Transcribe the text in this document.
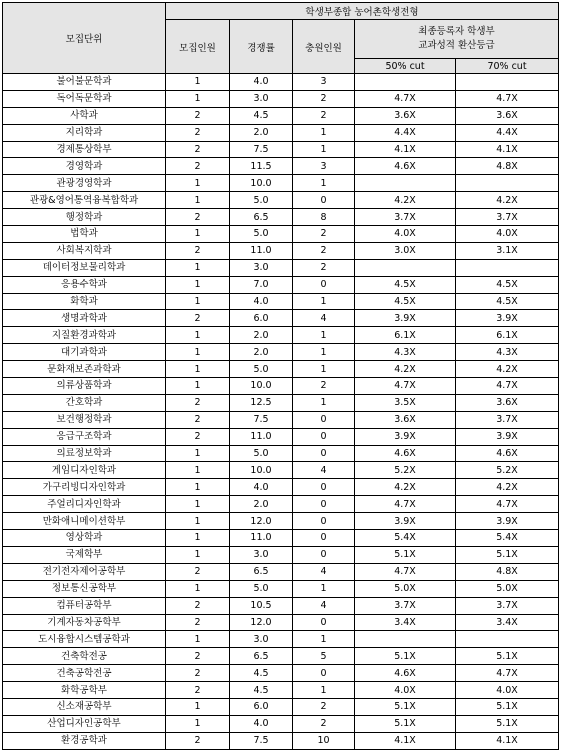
모집단위	학생부종합 농어촌학생전형				
	모집인원	경쟁률	충원인원	최종등록자 학생부
교과성적 환산등급	

				50% cut	70% cut
불어불문학과	1	4.0	3		
독어독문학과	1	3.0	2	4.7X	4.7X
사학과	2	4.5	2	3.6X	3.6X
지리학과	2	2.0	1	4.4X	4.4X
경제통상학부	2	7.5	1	4.1X	4.1X
경영학과	2	11.5	3	4.6X	4.8X
관광경영학과	1	10.0	1		
관광&영어통역융복합학과	1	5.0	0	4.2X	4.2X
행정학과	2	6.5	8	3.7X	3.7X
법학과	1	5.0	2	4.0X	4.0X
사회복지학과	2	11.0	2	3.0X	3.1X
데이터정보물리학과	1	3.0	2		
응용수학과	1	7.0	0	4.5X	4.5X
화학과	1	4.0	1	4.5X	4.5X
생명과학과	2	6.0	4	3.9X	3.9X
지질환경과학과	1	2.0	1	6.1X	6.1X
대기과학과	1	2.0	1	4.3X	4.3X
문화재보존과학과	1	5.0	1	4.2X	4.2X
의류상품학과	1	10.0	2	4.7X	4.7X
간호학과	2	12.5	1	3.5X	3.6X
보건행정학과	2	7.5	0	3.6X	3.7X
응급구조학과	2	11.0	0	3.9X	3.9X
의료정보학과	1	5.0	0	4.6X	4.6X
게임디자인학과	1	10.0	4	5.2X	5.2X
가구리빙디자인학과	1	4.0	0	4.2X	4.2X
주얼리디자인학과	1	2.0	0	4.7X	4.7X
만화애니메이션학부	1	12.0	0	3.9X	3.9X
영상학과	1	11.0	0	5.4X	5.4X
국제학부	1	3.0	0	5.1X	5.1X
전기전자제어공학부	2	6.5	4	4.7X	4.8X
정보통신공학부	1	5.0	1	5.0X	5.0X
컴퓨터공학부	2	10.5	4	3.7X	3.7X
기계자동차공학부	2	12.0	0	3.4X	3.4X
도시융합시스템공학과	1	3.0	1		
건축학전공	2	6.5	5	5.1X	5.1X
건축공학전공	2	4.5	0	4.6X	4.7X
화학공학부	2	4.5	1	4.0X	4.0X
신소재공학부	1	6.0	2	5.1X	5.1X
산업디자인공학부	1	4.0	2	5.1X	5.1X
환경공학과	2	7.5	10	4.1X	4.1X
